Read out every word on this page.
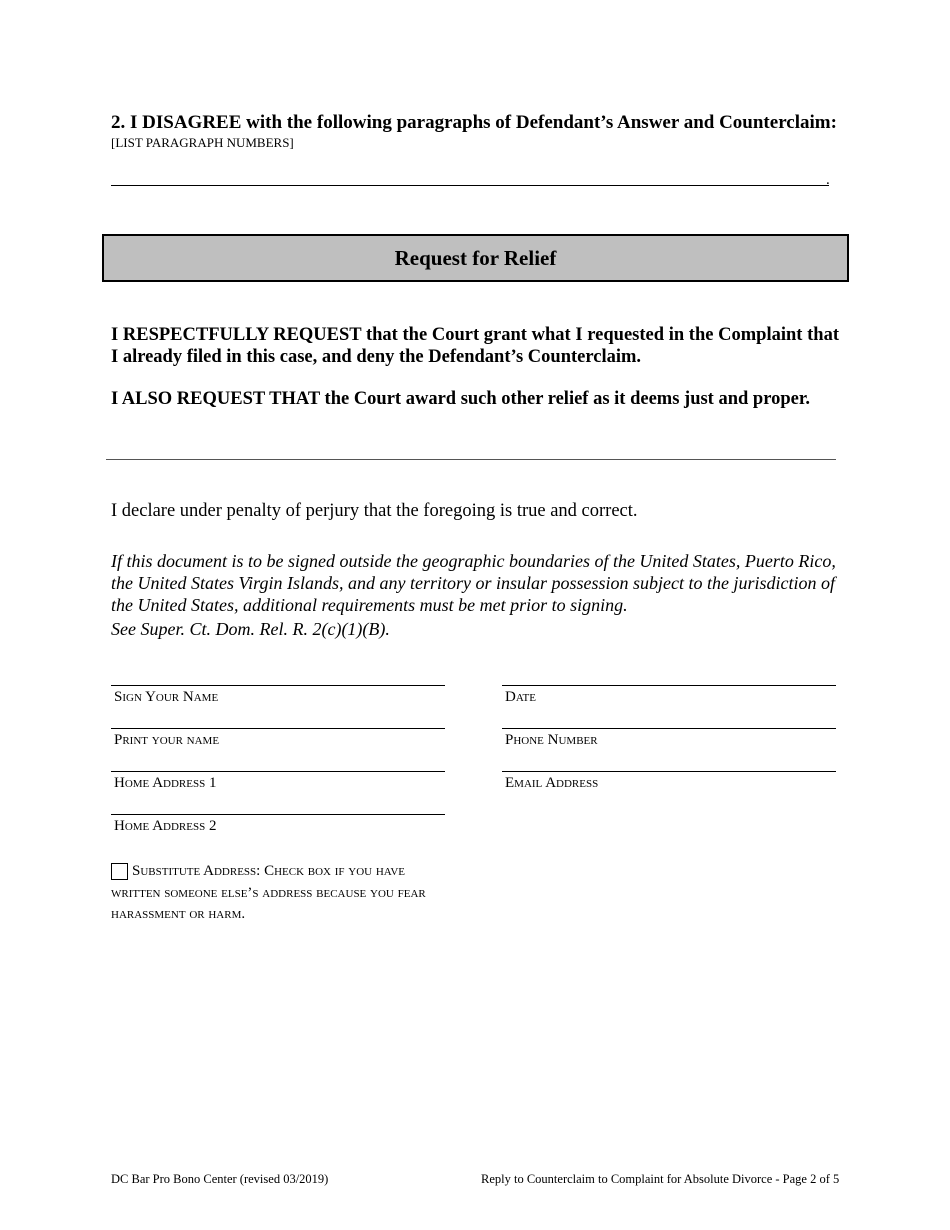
2. I DISAGREE with the following paragraphs of Defendant’s Answer and Counterclaim:
[LIST PARAGRAPH NUMBERS]
.
Request for Relief
I RESPECTFULLY REQUEST that the Court grant what I requested in the Complaint that I already filed in this case, and deny the Defendant’s Counterclaim.
I ALSO REQUEST THAT the Court award such other relief as it deems just and proper.
I declare under penalty of perjury that the foregoing is true and correct.
If this document is to be signed outside the geographic boundaries of the United States, Puerto Rico, the United States Virgin Islands, and any territory or insular possession subject to the jurisdiction of the United States, additional requirements must be met prior to signing.
See Super. Ct. Dom. Rel. R. 2(c)(1)(B).
Sign Your Name
Print your name
Home Address 1
Home Address 2
Date
Phone Number
Email Address
Substitute Address: Check box if you have written someone else’s address because you fear harassment or harm.
DC Bar Pro Bono Center (revised 03/2019)	Reply to Counterclaim to Complaint for Absolute Divorce - Page 2 of 5
